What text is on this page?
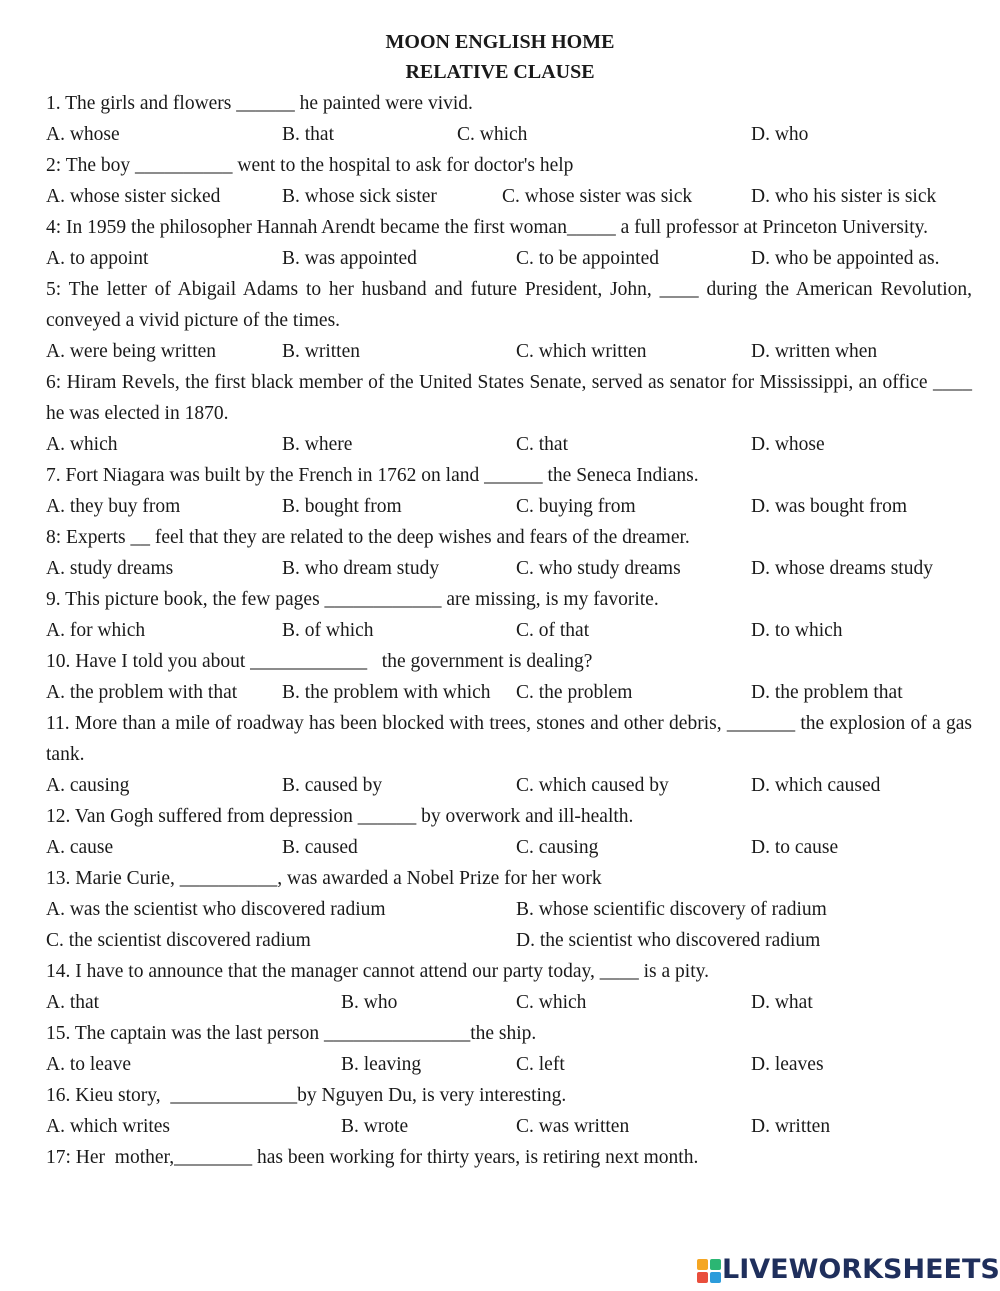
MOON ENGLISH HOME
RELATIVE CLAUSE
1. The girls and flowers ______ he painted were vivid.
A. whose	B. that	C. which	D. who
2: The boy __________ went to the hospital to ask for doctor's help
A. whose sister sicked	B. whose sick sister	C. whose sister was sick	D. who his sister is sick
4: In 1959 the philosopher Hannah Arendt became the first woman_____ a full professor at Princeton University.
A. to appoint	B. was appointed	C. to be appointed	D. who be appointed as.
5: The letter of Abigail Adams to her husband and future President, John, ____ during the American Revolution, conveyed a vivid picture of the times.
A. were being written	B. written	C. which written	D. written when
6: Hiram Revels, the first black member of the United States Senate, served as senator for Mississippi, an office ____ he was elected in 1870.
A. which	B. where	C. that	D. whose
7. Fort Niagara was built by the French in 1762 on land ______ the Seneca Indians.
A. they buy from	B. bought from	C. buying from	D. was bought from
8: Experts __ feel that they are related to the deep wishes and fears of the dreamer.
A. study dreams	B. who dream study	C. who study dreams	D. whose dreams study
9. This picture book, the few pages ____________ are missing, is my favorite.
A. for which	B. of which	C. of that	D. to which
10. Have I told you about ____________   the government is dealing?
A. the problem with that B. the problem with which C. the problem	D. the problem that
11. More than a mile of roadway has been blocked with trees, stones and other debris, _______ the explosion of a gas tank.
A. causing	B. caused by	C. which caused by	D. which caused
12. Van Gogh suffered from depression ______ by overwork and ill-health.
A. cause	B. caused	C. causing	D. to cause
13. Marie Curie, __________, was awarded a Nobel Prize for her work
A. was the scientist who discovered radium	B. whose scientific discovery of radium
C. the scientist discovered radium	D. the scientist who discovered radium
14. I have to announce that the manager cannot attend our party today, ____ is a pity.
A. that	B. who	C. which	D. what
15. The captain was the last person _______________the ship.
A. to leave	B. leaving	C. left	D. leaves
16. Kieu story,  _____________by Nguyen Du, is very interesting.
A. which writes	B. wrote	C. was written	D. written
17: Her  mother,________ has been working for thirty years, is retiring next month.
LIVEWORKSHEETS
